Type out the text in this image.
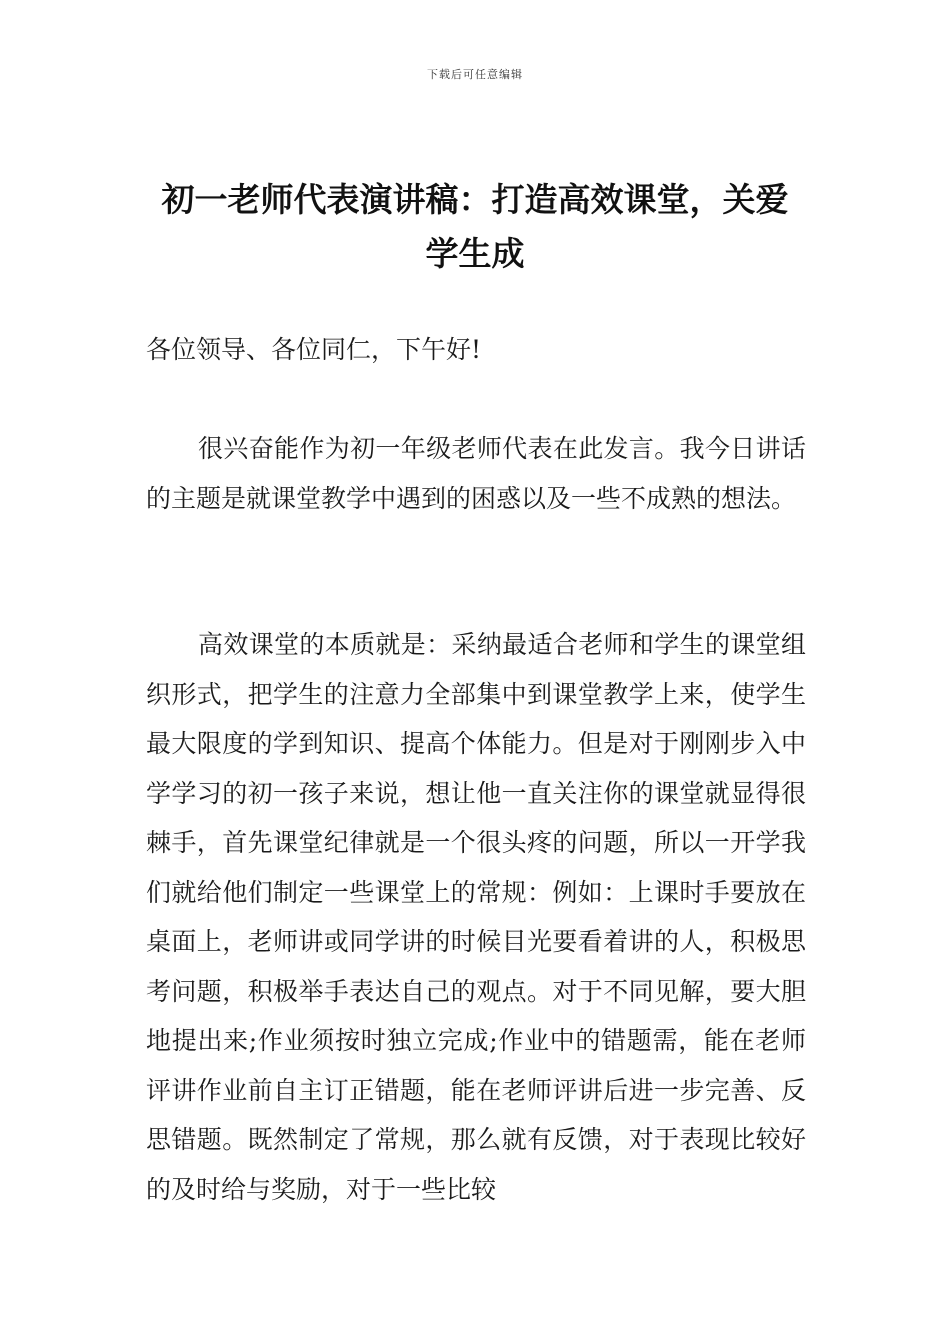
下载后可任意编辑
初一老师代表演讲稿：打造高效课堂，关爱学生成

各位领导、各位同仁，下午好!

很兴奋能作为初一年级老师代表在此发言。我今日讲话的主题是就课堂教学中遇到的困惑以及一些不成熟的想法。

高效课堂的本质就是：采纳最适合老师和学生的课堂组织形式，把学生的注意力全部集中到课堂教学上来，使学生最大限度的学到知识、提高个体能力。但是对于刚刚步入中学学习的初一孩子来说，想让他一直关注你的课堂就显得很棘手，首先课堂纪律就是一个很头疼的问题，所以一开学我们就给他们制定一些课堂上的常规：例如：上课时手要放在桌面上，老师讲或同学讲的时候目光要看着讲的人，积极思考问题，积极举手表达自己的观点。对于不同见解，要大胆地提出来;作业须按时独立完成;作业中的错题需，能在老师评讲作业前自主订正错题，能在老师评讲后进一步完善、反思错题。既然制定了常规，那么就有反馈，对于表现比较好的及时给与奖励，对于一些比较
